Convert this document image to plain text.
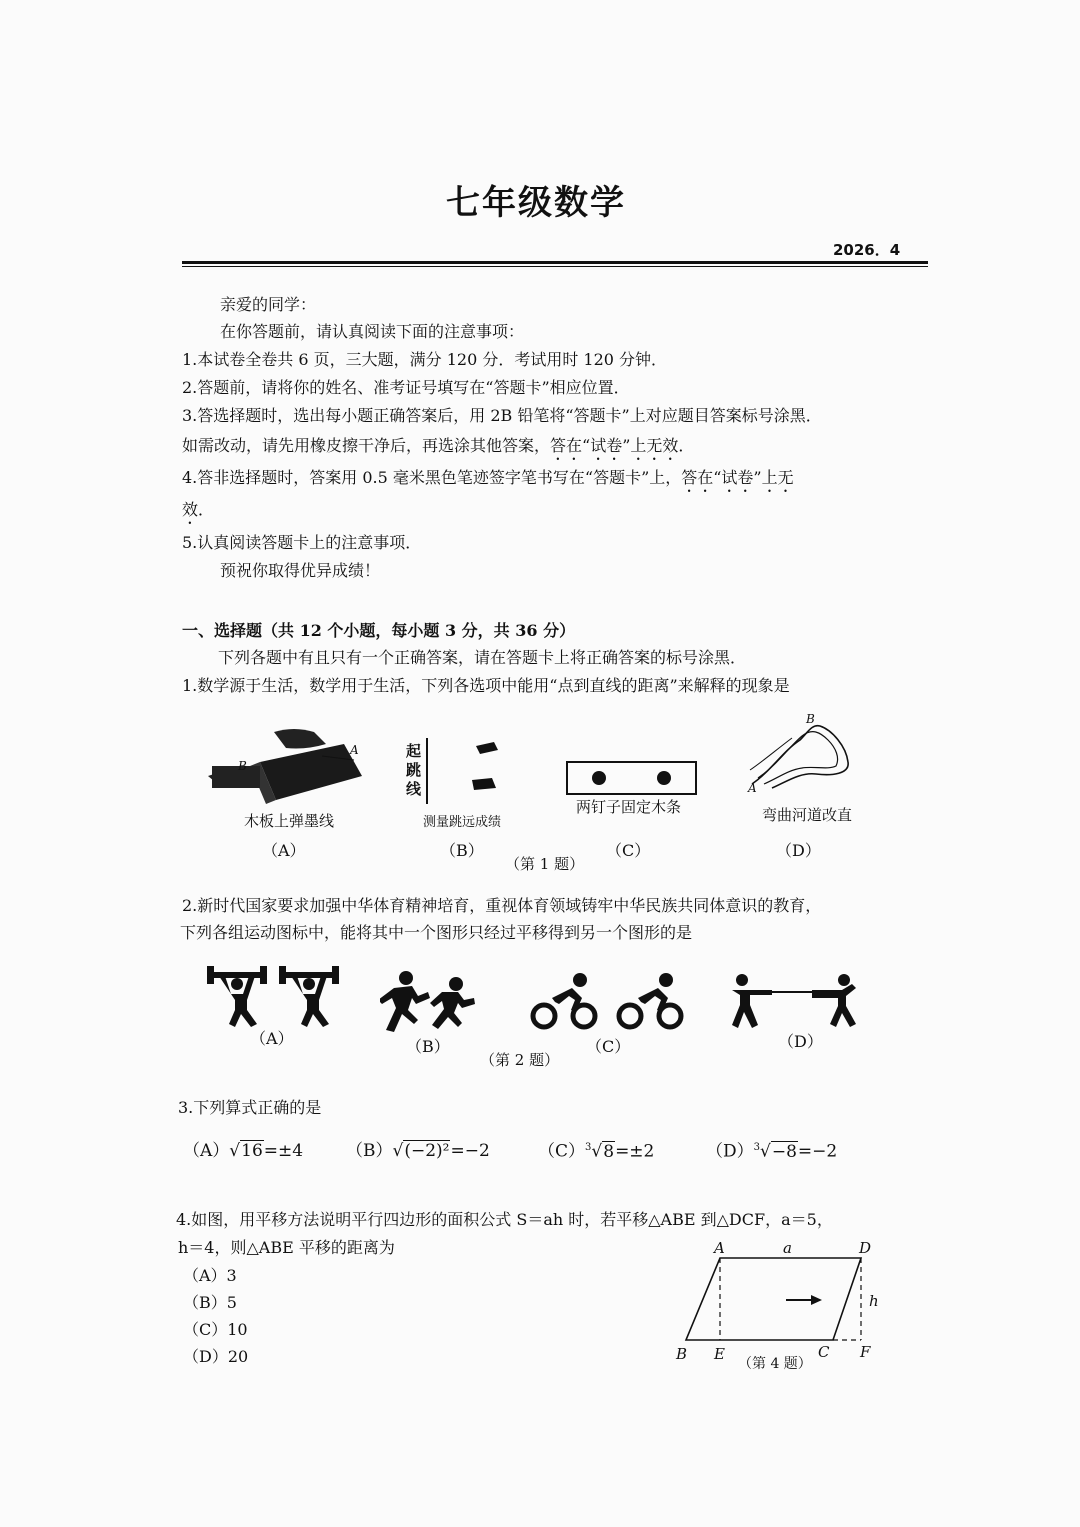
七年级数学
2026．4
亲爱的同学：
在你答题前，请认真阅读下面的注意事项：
1.本试卷全卷共 6 页，三大题，满分 120 分．考试用时 120 分钟．
2.答题前，请将你的姓名、准考证号填写在“答题卡”相应位置．
3.答选择题时，选出每小题正确答案后，用 2B 铅笔将“答题卡”上对应题目答案标号涂黑．
如需改动，请先用橡皮擦干净后，再选涂其他答案，答在“试卷”上无效．
4.答非选择题时，答案用 0.5 毫米黑色笔迹签字笔书写在“答题卡”上，答在“试卷”上无
效．
5.认真阅读答题卡上的注意事项．
预祝你取得优异成绩！
一、选择题（共 12 个小题，每小题 3 分，共 36 分）
下列各题中有且只有一个正确答案，请在答题卡上将正确答案的标号涂黑．
1.数学源于生活，数学用于生活，下列各选项中能用“点到直线的距离”来解释的现象是
A
B
起跳线
B
A
木板上弹墨线	测量跳远成绩
两钉子固定木条	弯曲河道改直
（A）	（B）
（第 1 题）
（C）	（D）
2.新时代国家要求加强中华体育精神培育，重视体育领域铸牢中华民族共同体意识的教育，
下列各组运动图标中，能将其中一个图形只经过平移得到另一个图形的是
（A）	（B）
（第 2 题）
（C）	（D）
3.下列算式正确的是
（A）√16=±4	（B）√(−2)²=−2	$(C)^3√8=\pm 2$	$(D)^3√-8=-2$
4.如图，用平移方法说明平行四边形的面积公式 S＝ah 时，若平移△ABE 到△DCF，a＝5，
h＝4，则△ABE 平移的距离为
（A）3
（B）5
（C）10
（D）20
A	a	D
h
B E	C F
（第 4 题）
